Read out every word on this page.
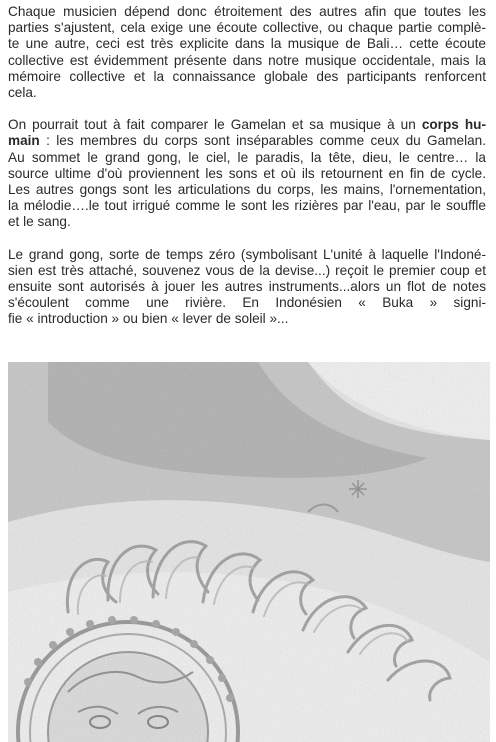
Chaque musicien dépend donc étroitement des autres afin que toutes les
parties s'ajustent, cela exige une écoute collective, ou chaque partie complè-
te une autre, ceci est très explicite dans la musique de Bali… cette écoute
collective est évidemment présente dans notre musique occidentale, mais la
mémoire collective et la connaissance globale des participants renforcent
cela.
On pourrait tout à fait comparer le Gamelan et sa musique à un corps hu-
main : les membres du corps sont inséparables comme ceux du Gamelan.
Au sommet le grand gong, le ciel, le paradis, la tête, dieu, le centre… la
source ultime d'où proviennent les sons et où ils retournent en fin de cycle.
Les autres gongs sont les articulations du corps, les mains, l'ornementation,
la mélodie….le tout irrigué comme le sont les rizières par l'eau, par le souffle
et le sang.
Le grand gong, sorte de temps zéro (symbolisant L'unité à laquelle l'Indoné-
sien est très attaché, souvenez vous de la devise...) reçoit le premier coup et
ensuite sont autorisés à jouer les autres instruments...alors un flot de notes
s'écoulent comme une rivière. En Indonésien « Buka » signi-
fie « introduction » ou bien « lever de soleil »...
